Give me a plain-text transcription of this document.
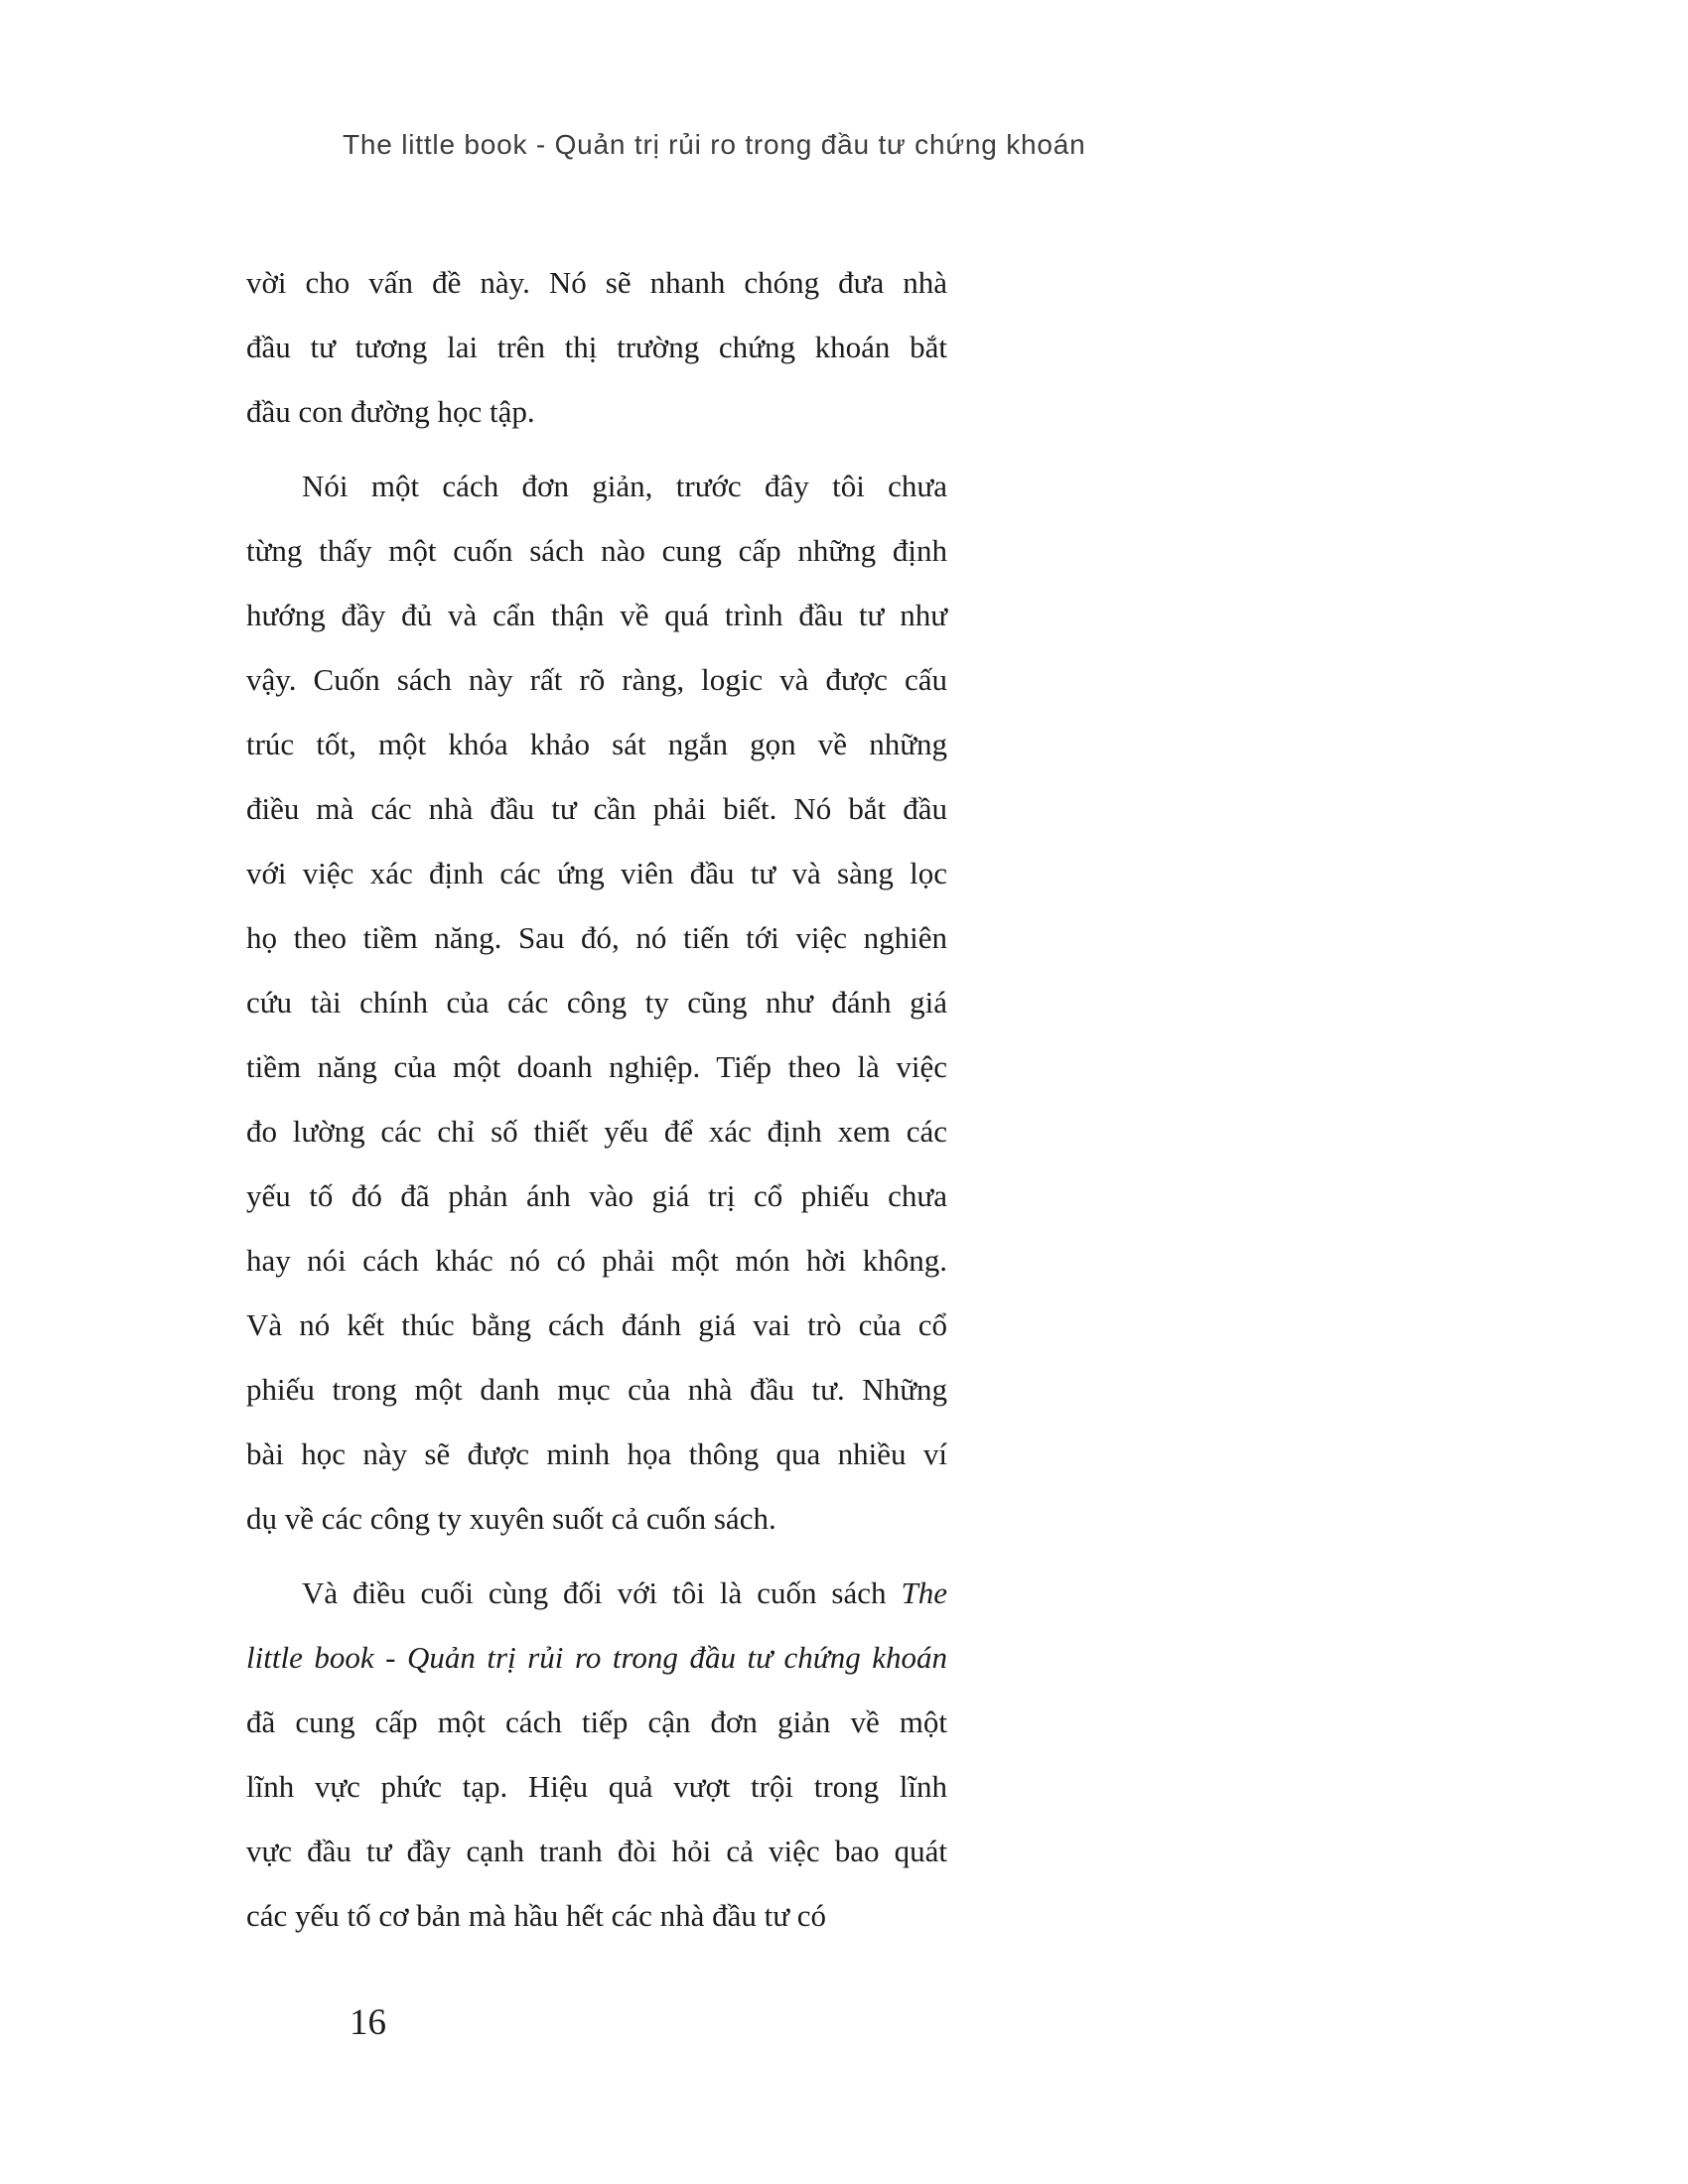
The little book - Quản trị rủi ro trong đầu tư chứng khoán
vời cho vấn đề này. Nó sẽ nhanh chóng đưa nhà
đầu tư tương lai trên thị trường chứng khoán bắt
đầu con đường học tập.
Nói một cách đơn giản, trước đây tôi chưa
từng thấy một cuốn sách nào cung cấp những định
hướng đầy đủ và cẩn thận về quá trình đầu tư như
vậy. Cuốn sách này rất rõ ràng, logic và được cấu
trúc tốt, một khóa khảo sát ngắn gọn về những
điều mà các nhà đầu tư cần phải biết. Nó bắt đầu
với việc xác định các ứng viên đầu tư và sàng lọc
họ theo tiềm năng. Sau đó, nó tiến tới việc nghiên
cứu tài chính của các công ty cũng như đánh giá
tiềm năng của một doanh nghiệp. Tiếp theo là việc
đo lường các chỉ số thiết yếu để xác định xem các
yếu tố đó đã phản ánh vào giá trị cổ phiếu chưa
hay nói cách khác nó có phải một món hời không.
Và nó kết thúc bằng cách đánh giá vai trò của cổ
phiếu trong một danh mục của nhà đầu tư. Những
bài học này sẽ được minh họa thông qua nhiều ví
dụ về các công ty xuyên suốt cả cuốn sách.
Và điều cuối cùng đối với tôi là cuốn sách The
little book - Quản trị rủi ro trong đầu tư chứng khoán
đã cung cấp một cách tiếp cận đơn giản về một
lĩnh vực phức tạp. Hiệu quả vượt trội trong lĩnh
vực đầu tư đầy cạnh tranh đòi hỏi cả việc bao quát
các yếu tố cơ bản mà hầu hết các nhà đầu tư có
16
